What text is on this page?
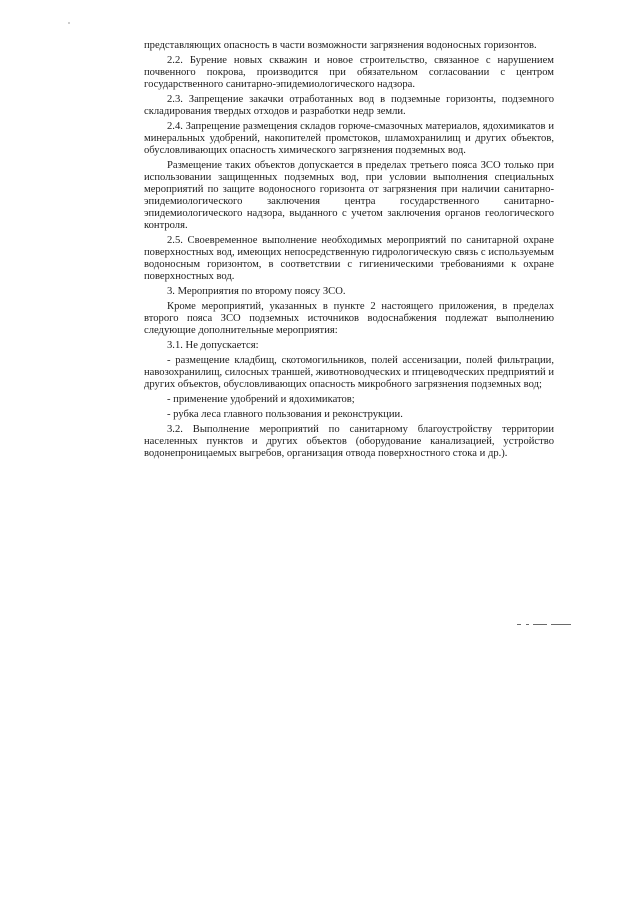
представляющих опасность в части возможности загрязнения водоносных горизонтов.

2.2. Бурение новых скважин и новое строительство, связанное с нарушением почвенного покрова, производится при обязательном согласовании с центром государственного санитарно-эпидемиологического надзора.

2.3. Запрещение закачки отработанных вод в подземные горизонты, подземного складирования твердых отходов и разработки недр земли.

2.4. Запрещение размещения складов горюче-смазочных материалов, ядохимикатов и минеральных удобрений, накопителей промстоков, шламохранилищ и других объектов, обусловливающих опасность химического загрязнения подземных вод.

Размещение таких объектов допускается в пределах третьего пояса ЗСО только при использовании защищенных подземных вод, при условии выполнения специальных мероприятий по защите водоносного горизонта от загрязнения при наличии санитарно-эпидемиологического заключения центра государственного санитарно-эпидемиологического надзора, выданного с учетом заключения органов геологического контроля.

2.5. Своевременное выполнение необходимых мероприятий по санитарной охране поверхностных вод, имеющих непосредственную гидрологическую связь с используемым водоносным горизонтом, в соответствии с гигиеническими требованиями к охране поверхностных вод.

3. Мероприятия по второму поясу ЗСО.

Кроме мероприятий, указанных в пункте 2 настоящего приложения, в пределах второго пояса ЗСО подземных источников водоснабжения подлежат выполнению следующие дополнительные мероприятия:

3.1. Не допускается:

- размещение кладбищ, скотомогильников, полей ассенизации, полей фильтрации, навозохранилищ, силосных траншей, животноводческих и птицеводческих предприятий и других объектов, обусловливающих опасность микробного загрязнения подземных вод;

- применение удобрений и ядохимикатов;

- рубка леса главного пользования и реконструкции.

3.2. Выполнение мероприятий по санитарному благоустройству территории населенных пунктов и других объектов (оборудование канализацией, устройство водонепроницаемых выгребов, организация отвода поверхностного стока и др.).
